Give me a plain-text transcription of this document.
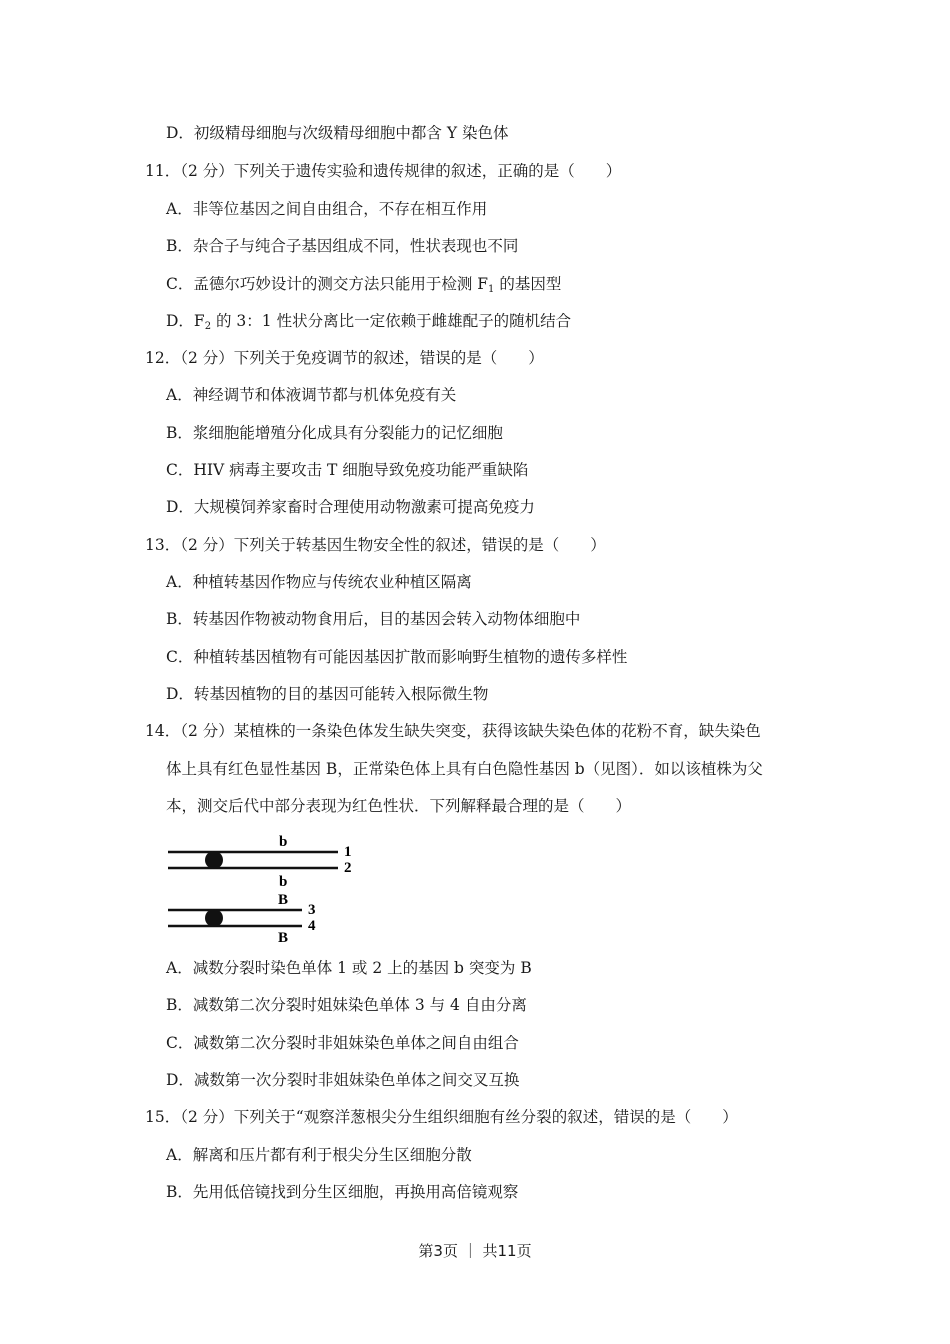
D．初级精母细胞与次级精母细胞中都含 Y 染色体
11．（2 分）下列关于遗传实验和遗传规律的叙述，正确的是（　　）
A．非等位基因之间自由组合，不存在相互作用
B．杂合子与纯合子基因组成不同，性状表现也不同
C．孟德尔巧妙设计的测交方法只能用于检测 $F_1$ 的基因型
D．$F_2$ 的 3：1 性状分离比一定依赖于雌雄配子的随机结合
12．（2 分）下列关于免疫调节的叙述，错误的是（　　）
A．神经调节和体液调节都与机体免疫有关
B．浆细胞能增殖分化成具有分裂能力的记忆细胞
C．HIV 病毒主要攻击 T 细胞导致免疫功能严重缺陷
D．大规模饲养家畜时合理使用动物激素可提高免疫力
13．（2 分）下列关于转基因生物安全性的叙述，错误的是（　　）
A．种植转基因作物应与传统农业种植区隔离
B．转基因作物被动物食用后，目的基因会转入动物体细胞中
C．种植转基因植物有可能因基因扩散而影响野生植物的遗传多样性
D．转基因植物的目的基因可能转入根际微生物
14．（2 分）某植株的一条染色体发生缺失突变，获得该缺失染色体的花粉不育，缺失染色
体上具有红色显性基因 B，正常染色体上具有白色隐性基因 b（见图）．如以该植株为父
本，测交后代中部分表现为红色性状．下列解释最合理的是（　　）
b
1
2
b
B
3
4
B
A．减数分裂时染色单体 1 或 2 上的基因 b 突变为 B
B．减数第二次分裂时姐妹染色单体 3 与 4 自由分离
C．减数第二次分裂时非姐妹染色单体之间自由组合
D．减数第一次分裂时非姐妹染色单体之间交叉互换
15．（2 分）下列关于“观察洋葱根尖分生组织细胞有丝分裂的叙述，错误的是（　　）
A．解离和压片都有利于根尖分生区细胞分散
B．先用低倍镜找到分生区细胞，再换用高倍镜观察
第3页 ｜ 共11页
